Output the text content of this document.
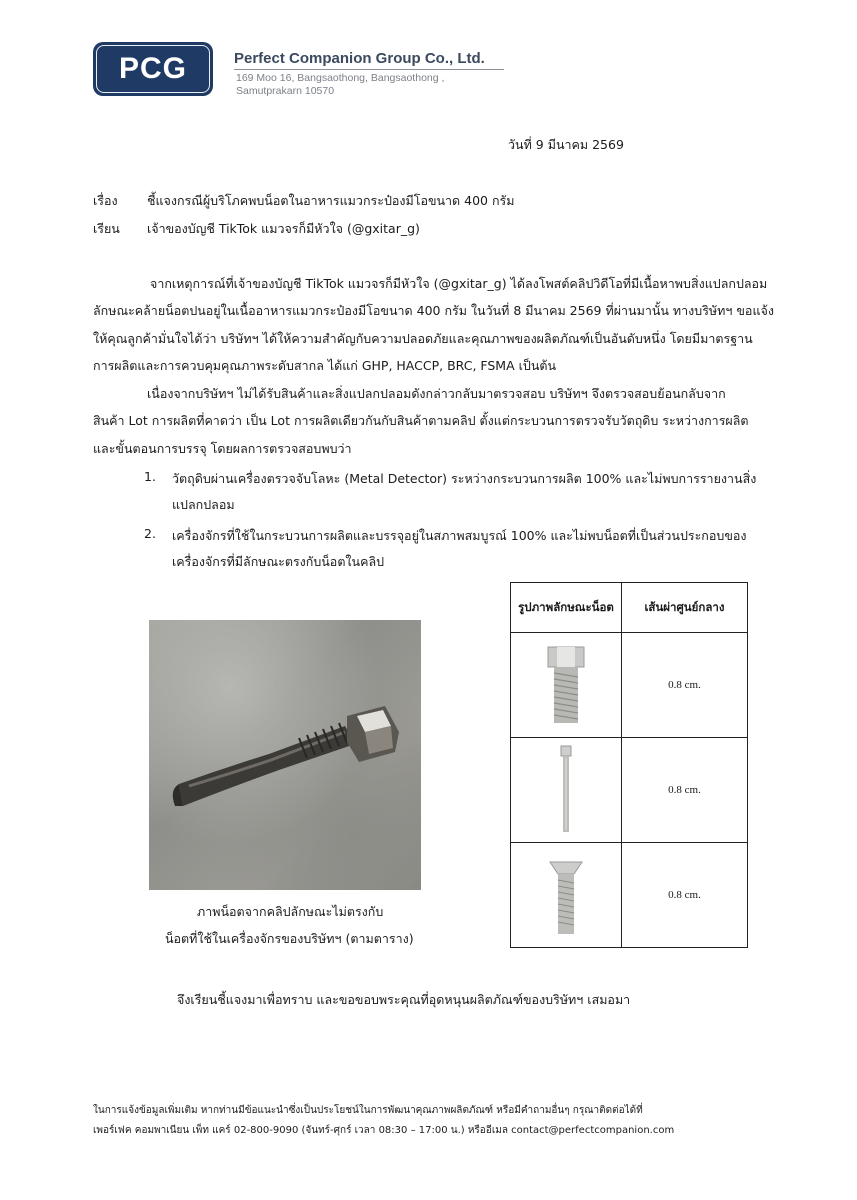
PCG	Perfect Companion Group Co., Ltd.
169 Moo 16, Bangsaothong, Bangsaothong ,
Samutprakarn 10570
วันที่ 9 มีนาคม 2569
เรื่อง ชี้แจงกรณีผู้บริโภคพบน็อตในอาหารแมวกระป๋องมีโอขนาด 400 กรัม
เรียน เจ้าของบัญชี TikTok แมวจรก็มีหัวใจ (@gxitar_g)
จากเหตุการณ์ที่เจ้าของบัญชี TikTok แมวจรก็มีหัวใจ (@gxitar_g) ได้ลงโพสต์คลิปวิดีโอที่มีเนื้อหาพบสิ่งแปลกปลอม
ลักษณะคล้ายน็อตปนอยู่ในเนื้ออาหารแมวกระป๋องมีโอขนาด 400 กรัม ในวันที่ 8 มีนาคม 2569 ที่ผ่านมานั้น ทางบริษัทฯ ขอแจ้ง
ให้คุณลูกค้ามั่นใจได้ว่า บริษัทฯ ได้ให้ความสำคัญกับความปลอดภัยและคุณภาพของผลิตภัณฑ์เป็นอันดับหนึ่ง โดยมีมาตรฐาน
การผลิตและการควบคุมคุณภาพระดับสากล ได้แก่ GHP, HACCP, BRC, FSMA เป็นต้น
เนื่องจากบริษัทฯ ไม่ได้รับสินค้าและสิ่งแปลกปลอมดังกล่าวกลับมาตรวจสอบ บริษัทฯ จึงตรวจสอบย้อนกลับจาก
สินค้า Lot การผลิตที่คาดว่า เป็น Lot การผลิตเดียวกันกับสินค้าตามคลิป ตั้งแต่กระบวนการตรวจรับวัตถุดิบ ระหว่างการผลิต
และขั้นตอนการบรรจุ โดยผลการตรวจสอบพบว่า
1. วัตถุดิบผ่านเครื่องตรวจจับโลหะ (Metal Detector) ระหว่างกระบวนการผลิต 100% และไม่พบการรายงานสิ่ง
แปลกปลอม
2. เครื่องจักรที่ใช้ในกระบวนการผลิตและบรรจุอยู่ในสภาพสมบูรณ์ 100% และไม่พบน็อตที่เป็นส่วนประกอบของ
เครื่องจักรที่มีลักษณะตรงกับน็อตในคลิป
ภาพน็อตจากคลิปลักษณะไม่ตรงกับ
น็อตที่ใช้ในเครื่องจักรของบริษัทฯ (ตามตาราง)
รูปภาพลักษณะน็อต	เส้นผ่าศูนย์กลาง
	0.8 cm.
	0.8 cm.
	0.8 cm.
จึงเรียนชี้แจงมาเพื่อทราบ และขอขอบพระคุณที่อุดหนุนผลิตภัณฑ์ของบริษัทฯ เสมอมา
ในการแจ้งข้อมูลเพิ่มเติม หากท่านมีข้อแนะนำซึ่งเป็นประโยชน์ในการพัฒนาคุณภาพผลิตภัณฑ์ หรือมีคำถามอื่นๆ กรุณาติดต่อได้ที่
เพอร์เฟค คอมพาเนียน เพ็ท แคร์ 02-800-9090 (จันทร์-ศุกร์ เวลา 08:30 – 17:00 น.) หรืออีเมล contact@perfectcompanion.com
